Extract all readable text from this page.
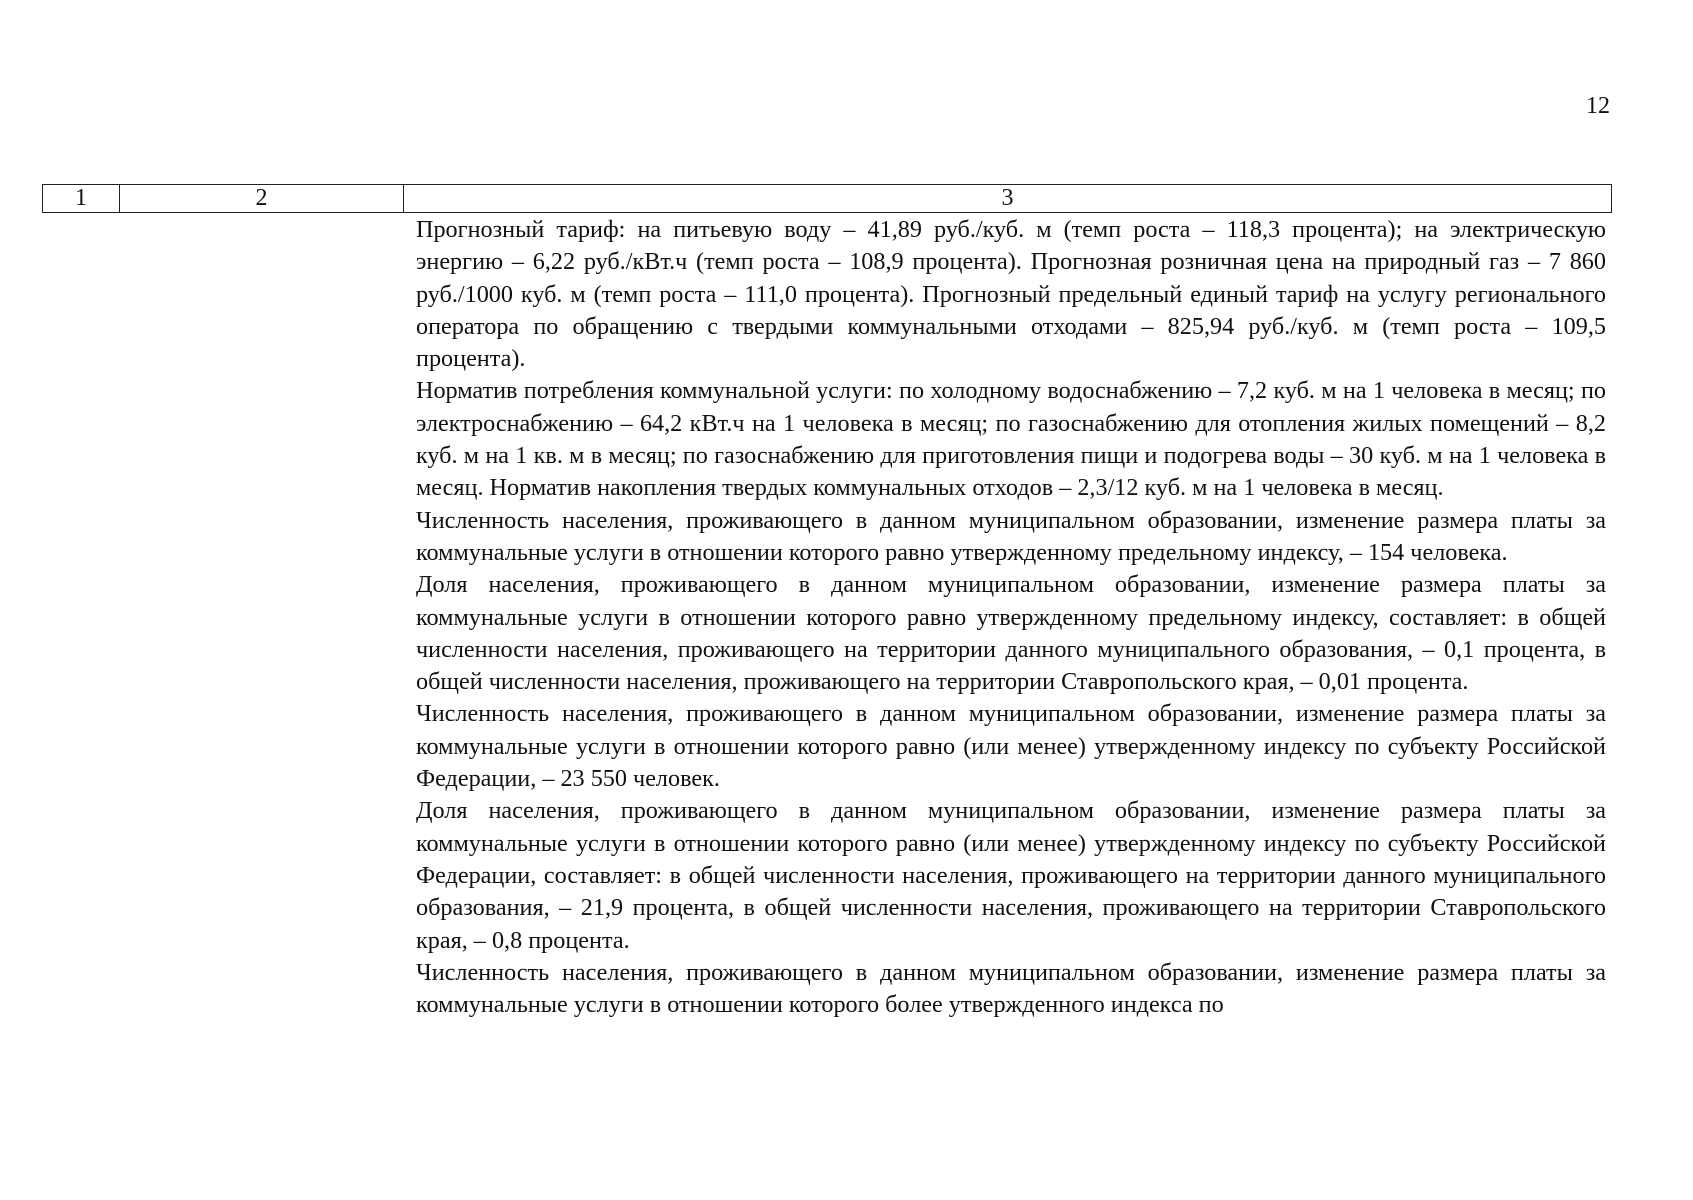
12
1	2	3

Прогнозный тариф: на питьевую воду – 41,89 руб./куб. м (темп роста – 118,3 процента); на электрическую энергию – 6,22 руб./кВт.ч (темп роста – 108,9 процента). Прогнозная розничная цена на природный газ – 7 860 руб./1000 куб. м (темп роста – 111,0 процента). Прогнозный предельный единый тариф на услугу регионального оператора по обращению с твердыми коммунальными отходами – 825,94 руб./куб. м (темп роста – 109,5 процента).

Норматив потребления коммунальной услуги: по холодному водоснабжению – 7,2 куб. м на 1 человека в месяц; по электроснабжению – 64,2 кВт.ч на 1 человека в месяц; по газоснабжению для отопления жилых помещений – 8,2 куб. м на 1 кв. м в месяц; по газоснабжению для приготовления пищи и подогрева воды – 30 куб. м на 1 человека в месяц. Норматив накопления твердых коммунальных отходов – 2,3/12 куб. м на 1 человека в месяц.

Численность населения, проживающего в данном муниципальном образовании, изменение размера платы за коммунальные услуги в отношении которого равно утвержденному предельному индексу, – 154 человека.

Доля населения, проживающего в данном муниципальном образовании, изменение размера платы за коммунальные услуги в отношении которого равно утвержденному предельному индексу, составляет: в общей численности населения, проживающего на территории данного муниципального образования, – 0,1 процента, в общей численности населения, проживающего на территории Ставропольского края, – 0,01 процента.

Численность населения, проживающего в данном муниципальном образовании, изменение размера платы за коммунальные услуги в отношении которого равно (или менее) утвержденному индексу по субъекту Российской Федерации, – 23 550 человек.

Доля населения, проживающего в данном муниципальном образовании, изменение размера платы за коммунальные услуги в отношении которого равно (или менее) утвержденному индексу по субъекту Российской Федерации, составляет: в общей численности населения, проживающего на территории данного муниципального образования, – 21,9 процента, в общей численности населения, проживающего на территории Ставропольского края, – 0,8 процента.

Численность населения, проживающего в данном муниципальном образовании, изменение размера платы за коммунальные услуги в отношении которого более утвержденного индекса по
